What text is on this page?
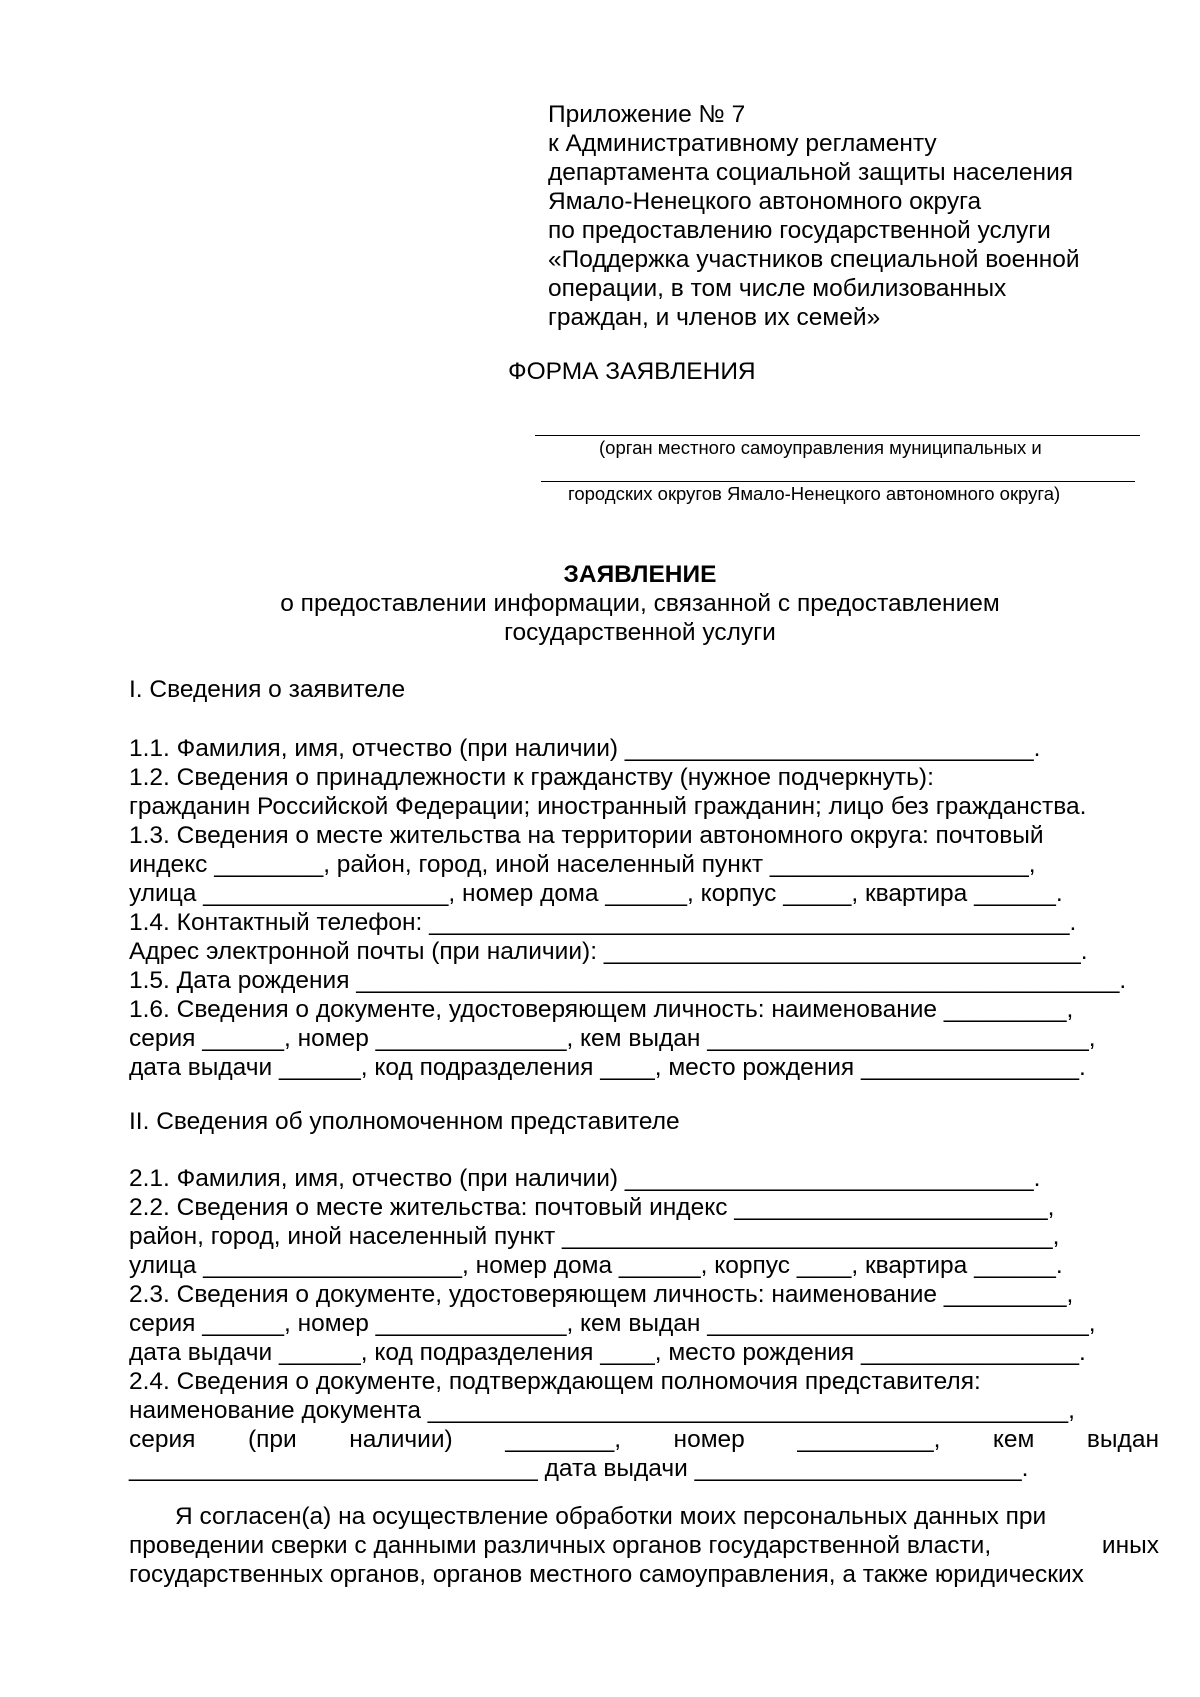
Приложение № 7
к Административному регламенту
департамента социальной защиты населения
Ямало-Ненецкого автономного округа
по предоставлению государственной услуги
«Поддержка участников специальной военной
операции, в том числе мобилизованных
граждан, и членов их семей»
ФОРМА ЗАЯВЛЕНИЯ
(орган местного самоуправления муниципальных и
городских округов Ямало-Ненецкого автономного округа)
ЗАЯВЛЕНИЕ
о предоставлении информации, связанной с предоставлением
государственной услуги
I. Сведения о заявителе
1.1. Фамилия, имя, отчество (при наличии) ______________________________.
1.2. Сведения о принадлежности к гражданству (нужное подчеркнуть):
гражданин Российской Федерации; иностранный гражданин; лицо без гражданства.
1.3. Сведения о месте жительства на территории автономного округа: почтовый
индекс ________, район, город, иной населенный пункт ___________________,
улица __________________, номер дома ______, корпус _____, квартира ______.
1.4. Контактный телефон: _______________________________________________.
Адрес электронной почты (при наличии): ___________________________________.
1.5. Дата рождения ________________________________________________________.
1.6. Сведения о документе, удостоверяющем личность: наименование _________,
серия ______, номер ______________, кем выдан ____________________________,
дата выдачи ______, код подразделения ____, место рождения ________________.
II. Сведения об уполномоченном представителе
2.1. Фамилия, имя, отчество (при наличии) ______________________________.
2.2. Сведения о месте жительства: почтовый индекс _______________________,
район, город, иной населенный пункт ____________________________________,
улица ___________________, номер дома ______, корпус ____, квартира ______.
2.3. Сведения о документе, удостоверяющем личность: наименование _________,
серия ______, номер ______________, кем выдан ____________________________,
дата выдачи ______, код подразделения ____, место рождения ________________.
2.4. Сведения о документе, подтверждающем полномочия представителя:
наименование документа _______________________________________________,
серия (при наличии) ________, номер __________, кем выдан
______________________________ дата выдачи ________________________.
Я согласен(а) на осуществление обработки моих персональных данных при
проведении сверки с данными различных органов государственной власти,	иных
государственных органов, органов местного самоуправления, а также юридических
